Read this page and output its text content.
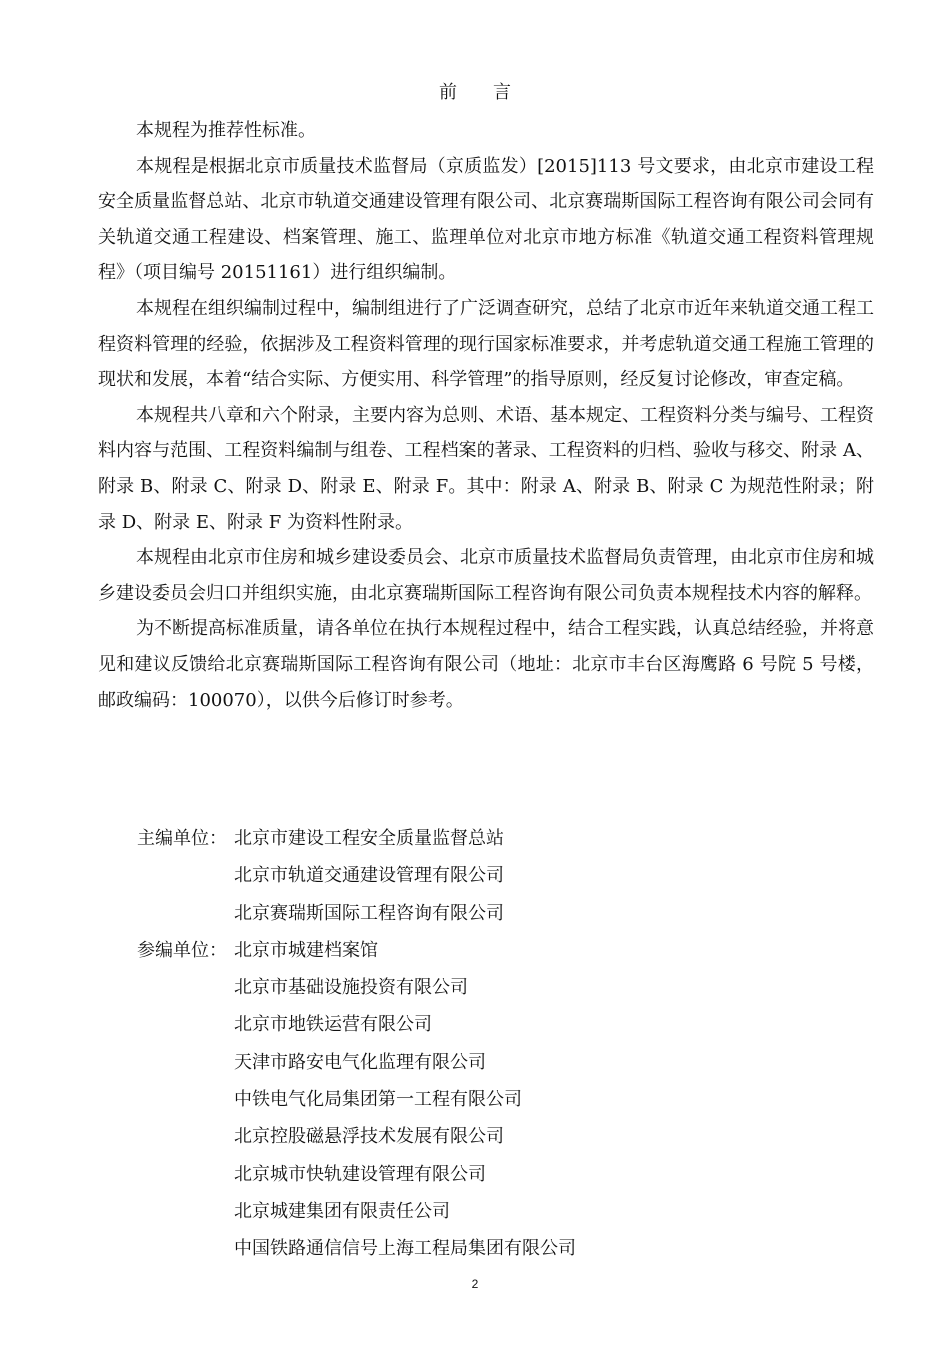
前 言

本规程为推荐性标准。

本规程是根据北京市质量技术监督局（京质监发）[2015]113 号文要求，由北京市建设工程安全质量监督总站、北京市轨道交通建设管理有限公司、北京赛瑞斯国际工程咨询有限公司会同有关轨道交通工程建设、档案管理、施工、监理单位对北京市地方标准《轨道交通工程资料管理规程》（项目编号 20151161）进行组织编制。

本规程在组织编制过程中，编制组进行了广泛调查研究，总结了北京市近年来轨道交通工程工程资料管理的经验，依据涉及工程资料管理的现行国家标准要求，并考虑轨道交通工程施工管理的现状和发展，本着“结合实际、方便实用、科学管理”的指导原则，经反复讨论修改，审查定稿。

本规程共八章和六个附录，主要内容为总则、术语、基本规定、工程资料分类与编号、工程资料内容与范围、工程资料编制与组卷、工程档案的著录、工程资料的归档、验收与移交、附录 A、附录 B、附录 C、附录 D、附录 E、附录 F。其中：附录 A、附录 B、附录 C 为规范性附录；附录 D、附录 E、附录 F 为资料性附录。

本规程由北京市住房和城乡建设委员会、北京市质量技术监督局负责管理，由北京市住房和城乡建设委员会归口并组织实施，由北京赛瑞斯国际工程咨询有限公司负责本规程技术内容的解释。

为不断提高标准质量，请各单位在执行本规程过程中，结合工程实践，认真总结经验，并将意见和建议反馈给北京赛瑞斯国际工程咨询有限公司（地址：北京市丰台区海鹰路 6 号院 5 号楼，邮政编码：100070），以供今后修订时参考。

主编单位： 北京市建设工程安全质量监督总站
北京市轨道交通建设管理有限公司
北京赛瑞斯国际工程咨询有限公司
参编单位： 北京市城建档案馆
北京市基础设施投资有限公司
北京市地铁运营有限公司
天津市路安电气化监理有限公司
中铁电气化局集团第一工程有限公司
北京控股磁悬浮技术发展有限公司
北京城市快轨建设管理有限公司
北京城建集团有限责任公司
中国铁路通信信号上海工程局集团有限公司
2
